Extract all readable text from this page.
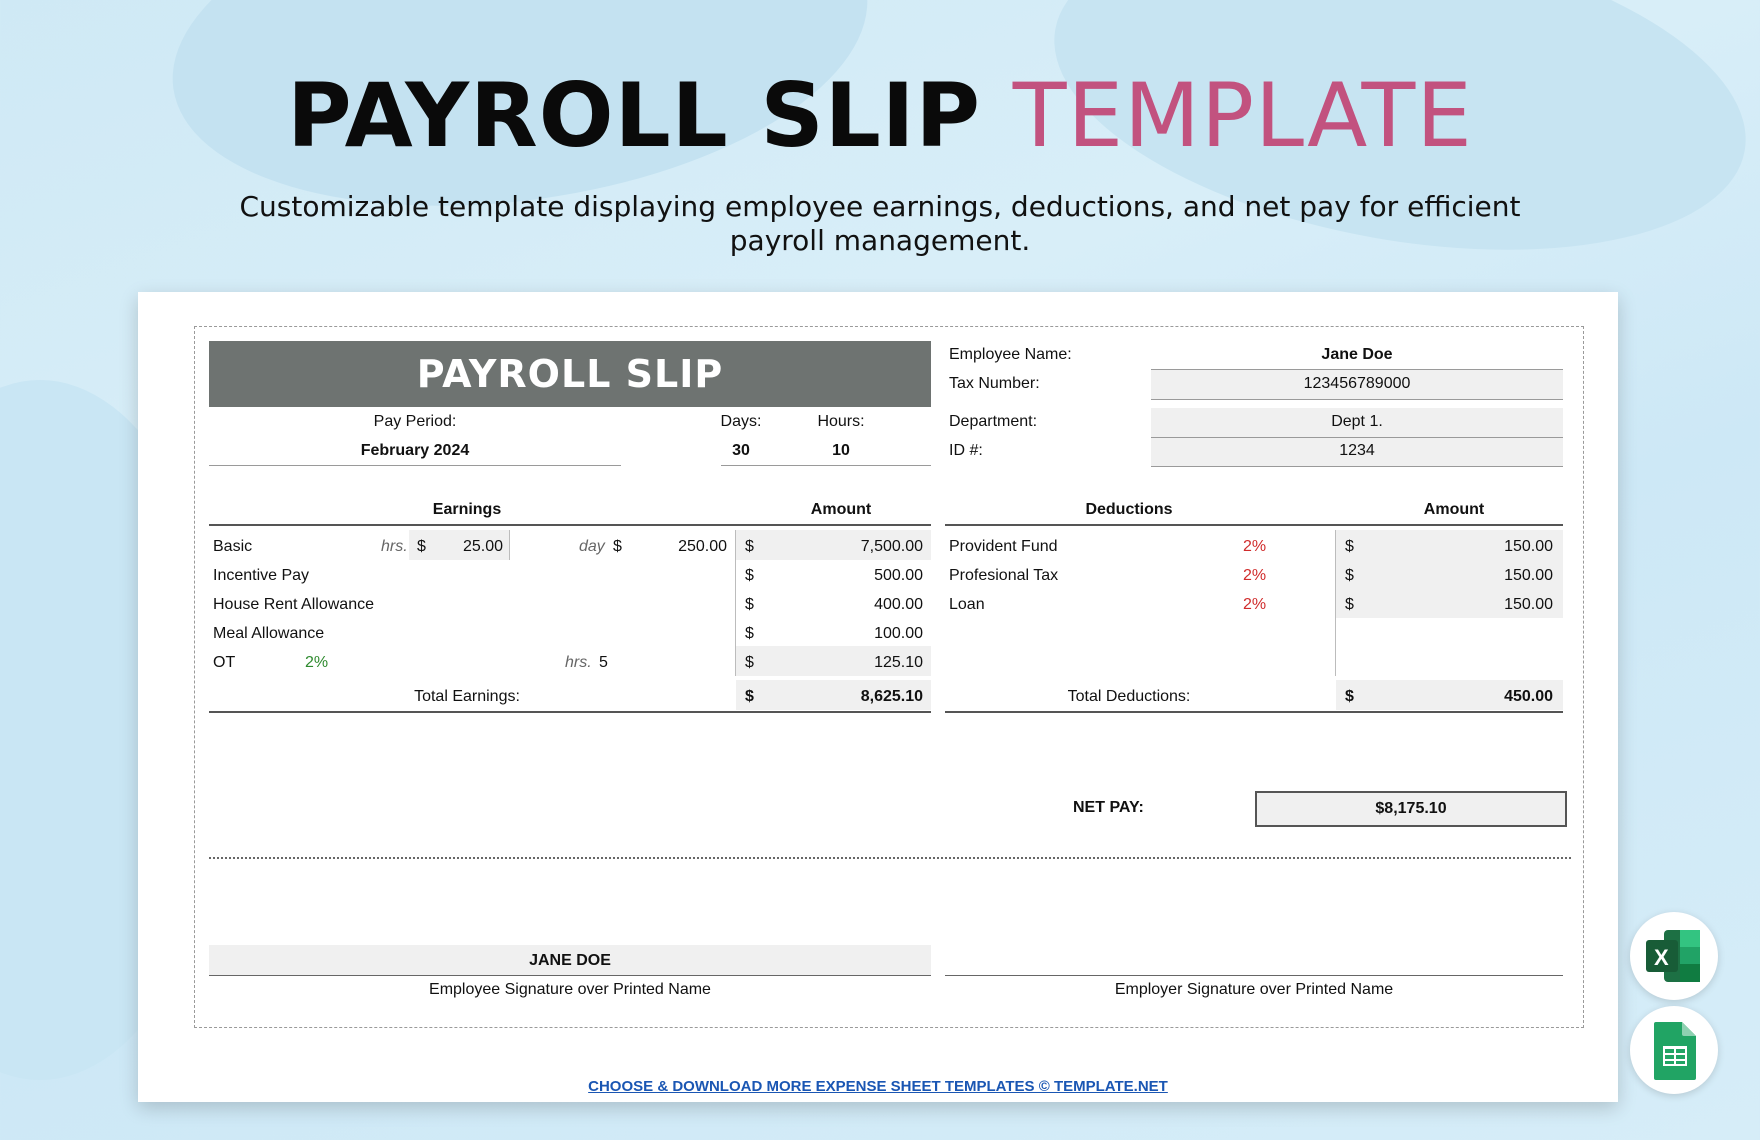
PAYROLL SLIP TEMPLATE
Customizable template displaying employee earnings, deductions, and net pay for efficient payroll management.
PAYROLL SLIP
Pay Period:
February 2024
Days:
30
Hours:
10
Employee Name:	Jane Doe
Tax Number:	123456789000
Department:	Dept 1.
ID #:	1234
Earnings	Amount
Basic	hrs. $	25.00	day $	250.00 $	7,500.00
Incentive Pay	$	500.00
House Rent Allowance	$	400.00
Meal Allowance	$	100.00
OT	2%	hrs. 5	$	125.10
Total Earnings:	$	8,625.10
Deductions	Amount
Provident Fund	2%	$	150.00
Profesional Tax	2%	$	150.00
Loan	2%	$	150.00
Total Deductions:	$	450.00
NET PAY:	$8,175.10
JANE DOE
Employee Signature over Printed Name	Employer Signature over Printed Name
CHOOSE & DOWNLOAD MORE EXPENSE SHEET TEMPLATES © TEMPLATE.NET
X
